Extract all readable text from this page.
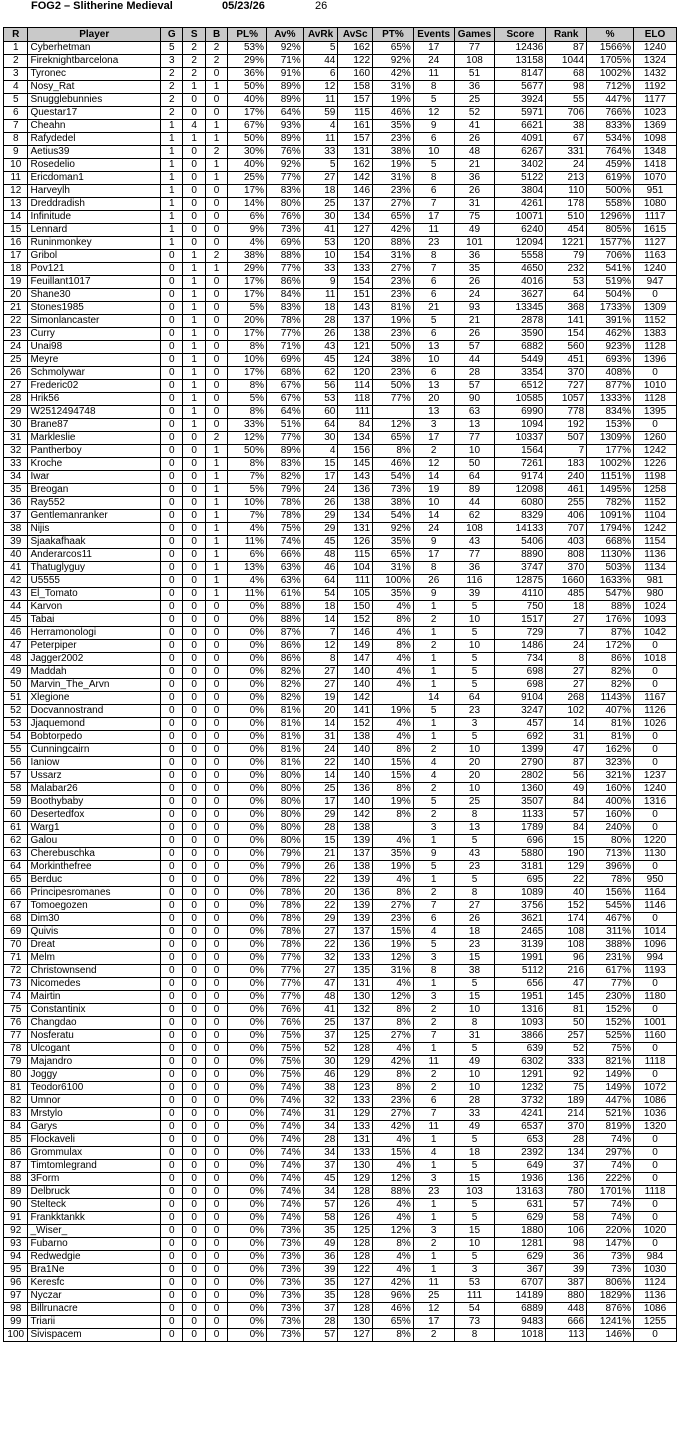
FOG2 – Slitherine Medieval	05/23/26	26
R	Player	G	S	B	PL%	Av%	AvRk	AvSc	PT%	Events	Games	Score	Rank	%	ELO
1	Cyberhetman	5	2	2	53%	92%	5	162	65%	17	77	12436	87	1566%	1240
2	Fireknightbarcelona	3	2	2	29%	71%	44	122	92%	24	108	13158	1044	1705%	1324
3	Tyronec	2	2	0	36%	91%	6	160	42%	11	51	8147	68	1002%	1432
4	Nosy_Rat	2	1	1	50%	89%	12	158	31%	8	36	5677	98	712%	1192
5	Snugglebunnies	2	0	0	40%	89%	11	157	19%	5	25	3924	55	447%	1177
6	Questar17	2	0	0	17%	64%	59	115	46%	12	52	5971	706	766%	1023
7	Cheahn	1	4	1	67%	93%	4	161	35%	9	41	6621	38	833%	1369
8	Rafydedel	1	1	1	50%	89%	11	157	23%	6	26	4091	67	534%	1098
9	Aetius39	1	0	2	30%	76%	33	131	38%	10	48	6267	331	764%	1348
10	Rosedelio	1	0	1	40%	92%	5	162	19%	5	21	3402	24	459%	1418
11	Ericdoman1	1	0	1	25%	77%	27	142	31%	8	36	5122	213	619%	1070
12	Harveylh	1	0	0	17%	83%	18	146	23%	6	26	3804	110	500%	951
13	Dreddradish	1	0	0	14%	80%	25	137	27%	7	31	4261	178	558%	1080
14	Infinitude	1	0	0	6%	76%	30	134	65%	17	75	10071	510	1296%	1117
15	Lennard	1	0	0	9%	73%	41	127	42%	11	49	6240	454	805%	1615
16	Runinmonkey	1	0	0	4%	69%	53	120	88%	23	101	12094	1221	1577%	1127
17	Gribol	0	1	2	38%	88%	10	154	31%	8	36	5558	79	706%	1163
18	Pov121	0	1	1	29%	77%	33	133	27%	7	35	4650	232	541%	1240
19	Feuillant1017	0	1	0	17%	86%	9	154	23%	6	26	4016	53	519%	947
20	Shane30	0	1	0	17%	84%	11	151	23%	6	24	3627	64	504%	0
21	Stones1985	0	1	0	5%	83%	18	143	81%	21	93	13345	368	1733%	1309
22	Simonlancaster	0	1	0	20%	78%	28	137	19%	5	21	2878	141	391%	1152
23	Curry	0	1	0	17%	77%	26	138	23%	6	26	3590	154	462%	1383
24	Unai98	0	1	0	8%	71%	43	121	50%	13	57	6882	560	923%	1128
25	Meyre	0	1	0	10%	69%	45	124	38%	10	44	5449	451	693%	1396
26	Schmolywar	0	1	0	17%	68%	62	120	23%	6	28	3354	370	408%	0
27	Frederic02	0	1	0	8%	67%	56	114	50%	13	57	6512	727	877%	1010
28	Hrik56	0	1	0	5%	67%	53	118	77%	20	90	10585	1057	1333%	1128
29	W2512494748	0	1	0	8%	64%	60	111		13	63	6990	778	834%	1395
30	Brane87	0	1	0	33%	51%	64	84	12%	3	13	1094	192	153%	0
31	Markleslie	0	0	2	12%	77%	30	134	65%	17	77	10337	507	1309%	1260
32	Pantherboy	0	0	1	50%	89%	4	156	8%	2	10	1564	7	177%	1242
33	Kroche	0	0	1	8%	83%	15	145	46%	12	50	7261	183	1002%	1226
34	Iwar	0	0	1	7%	82%	17	143	54%	14	64	9174	240	1151%	1198
35	Breogan	0	0	1	5%	79%	24	136	73%	19	89	12098	461	1495%	1258
36	Ray552	0	0	1	10%	78%	26	138	38%	10	44	6080	255	782%	1152
37	Gentlemanranker	0	0	1	7%	78%	29	134	54%	14	62	8329	406	1091%	1104
38	Nijis	0	0	1	4%	75%	29	131	92%	24	108	14133	707	1794%	1242
39	Sjaakafhaak	0	0	1	11%	74%	45	126	35%	9	43	5406	403	668%	1154
40	Anderarcos11	0	0	1	6%	66%	48	115	65%	17	77	8890	808	1130%	1136
41	Thatuglyguy	0	0	1	13%	63%	46	104	31%	8	36	3747	370	503%	1134
42	U5555	0	0	1	4%	63%	64	111	100%	26	116	12875	1660	1633%	981
43	El_Tomato	0	0	1	11%	61%	54	105	35%	9	39	4110	485	547%	980
44	Karvon	0	0	0	0%	88%	18	150	4%	1	5	750	18	88%	1024
45	Tabai	0	0	0	0%	88%	14	152	8%	2	10	1517	27	176%	1093
46	Herramonologi	0	0	0	0%	87%	7	146	4%	1	5	729	7	87%	1042
47	Peterpiper	0	0	0	0%	86%	12	149	8%	2	10	1486	24	172%	0
48	Jagger2002	0	0	0	0%	86%	8	147	4%	1	5	734	8	86%	1018
49	Maddah	0	0	0	0%	82%	27	140	4%	1	5	698	27	82%	0
50	Marvin_The_Arvn	0	0	0	0%	82%	27	140	4%	1	5	698	27	82%	0
51	Xlegione	0	0	0	0%	82%	19	142		14	64	9104	268	1143%	1167
52	Docvannostrand	0	0	0	0%	81%	20	141	19%	5	23	3247	102	407%	1126
53	Jjaquemond	0	0	0	0%	81%	14	152	4%	1	3	457	14	81%	1026
54	Bobtorpedo	0	0	0	0%	81%	31	138	4%	1	5	692	31	81%	0
55	Cunningcairn	0	0	0	0%	81%	24	140	8%	2	10	1399	47	162%	0
56	Ianiow	0	0	0	0%	81%	22	140	15%	4	20	2790	87	323%	0
57	Ussarz	0	0	0	0%	80%	14	140	15%	4	20	2802	56	321%	1237
58	Malabar26	0	0	0	0%	80%	25	136	8%	2	10	1360	49	160%	1240
59	Boothybaby	0	0	0	0%	80%	17	140	19%	5	25	3507	84	400%	1316
60	Desertedfox	0	0	0	0%	80%	29	142	8%	2	8	1133	57	160%	0
61	Warg1	0	0	0	0%	80%	28	138		3	13	1789	84	240%	0
62	Galou	0	0	0	0%	80%	15	139	4%	1	5	696	15	80%	1220
63	Cherebuschka	0	0	0	0%	79%	21	137	35%	9	43	5880	190	713%	1130
64	Morkinthefree	0	0	0	0%	79%	26	138	19%	5	23	3181	129	396%	0
65	Berduc	0	0	0	0%	78%	22	139	4%	1	5	695	22	78%	950
66	Principesromanes	0	0	0	0%	78%	20	136	8%	2	8	1089	40	156%	1164
67	Tomoegozen	0	0	0	0%	78%	22	139	27%	7	27	3756	152	545%	1146
68	Dim30	0	0	0	0%	78%	29	139	23%	6	26	3621	174	467%	0
69	Quivis	0	0	0	0%	78%	27	137	15%	4	18	2465	108	311%	1014
70	Dreat	0	0	0	0%	78%	22	136	19%	5	23	3139	108	388%	1096
71	Melm	0	0	0	0%	77%	32	133	12%	3	15	1991	96	231%	994
72	Christownsend	0	0	0	0%	77%	27	135	31%	8	38	5112	216	617%	1193
73	Nicomedes	0	0	0	0%	77%	47	131	4%	1	5	656	47	77%	0
74	Mairtin	0	0	0	0%	77%	48	130	12%	3	15	1951	145	230%	1180
75	Constantinix	0	0	0	0%	76%	41	132	8%	2	10	1316	81	152%	0
76	Changdao	0	0	0	0%	76%	25	137	8%	2	8	1093	50	152%	1001
77	Nosferatu	0	0	0	0%	75%	37	125	27%	7	31	3866	257	525%	1160
78	Ulcogant	0	0	0	0%	75%	52	128	4%	1	5	639	52	75%	0
79	Majandro	0	0	0	0%	75%	30	129	42%	11	49	6302	333	821%	1118
80	Joggy	0	0	0	0%	75%	46	129	8%	2	10	1291	92	149%	0
81	Teodor6100	0	0	0	0%	74%	38	123	8%	2	10	1232	75	149%	1072
82	Umnor	0	0	0	0%	74%	32	133	23%	6	28	3732	189	447%	1086
83	Mrstylo	0	0	0	0%	74%	31	129	27%	7	33	4241	214	521%	1036
84	Garys	0	0	0	0%	74%	34	133	42%	11	49	6537	370	819%	1320
85	Flockaveli	0	0	0	0%	74%	28	131	4%	1	5	653	28	74%	0
86	Grommulax	0	0	0	0%	74%	34	133	15%	4	18	2392	134	297%	0
87	Timtomlegrand	0	0	0	0%	74%	37	130	4%	1	5	649	37	74%	0
88	3Form	0	0	0	0%	74%	45	129	12%	3	15	1936	136	222%	0
89	Delbruck	0	0	0	0%	74%	34	128	88%	23	103	13163	780	1701%	1118
90	Stelteck	0	0	0	0%	74%	57	126	4%	1	5	631	57	74%	0
91	Frankktankk	0	0	0	0%	74%	58	126	4%	1	5	629	58	74%	0
92	_Wiser_	0	0	0	0%	73%	35	125	12%	3	15	1880	106	220%	1020
93	Fubarno	0	0	0	0%	73%	49	128	8%	2	10	1281	98	147%	0
94	Redwedgie	0	0	0	0%	73%	36	128	4%	1	5	629	36	73%	984
95	Bra1Ne	0	0	0	0%	73%	39	122	4%	1	3	367	39	73%	1030
96	Keresfc	0	0	0	0%	73%	35	127	42%	11	53	6707	387	806%	1124
97	Nyczar	0	0	0	0%	73%	35	128	96%	25	111	14189	880	1829%	1136
98	Billrunacre	0	0	0	0%	73%	37	128	46%	12	54	6889	448	876%	1086
99	Triarii	0	0	0	0%	73%	28	130	65%	17	73	9483	666	1241%	1255
100	Sivispacem	0	0	0	0%	73%	57	127	8%	2	8	1018	113	146%	0
